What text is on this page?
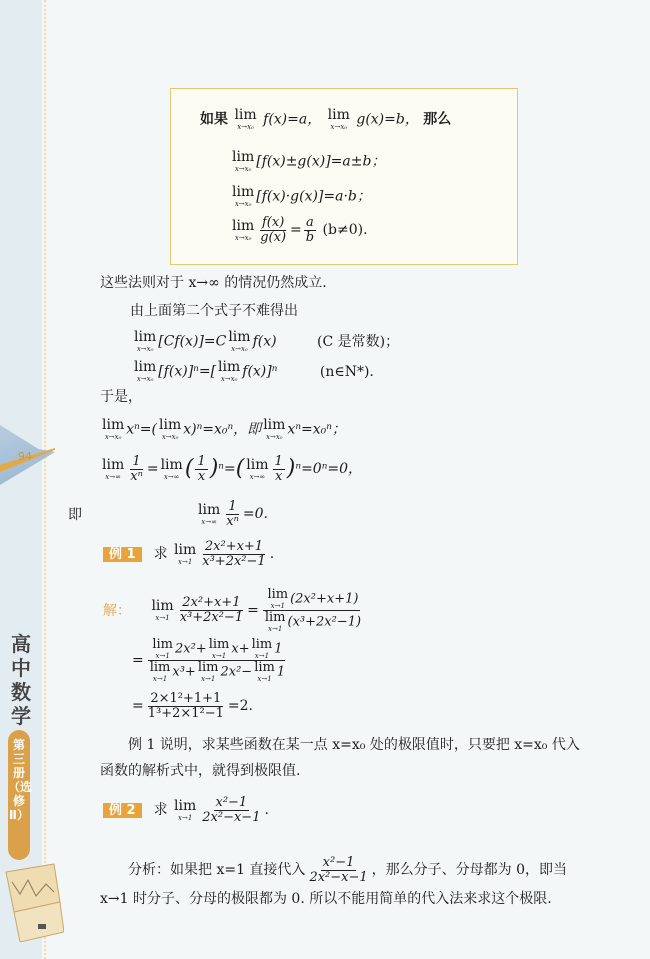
94
高中数学
第三册（选修Ⅱ）
如果 lim
x→x₀ f(x)=a， lim
x→x₀ g(x)=b， 那么
lim
x→x₀ [f(x)±g(x)]=a±b；
lim
x→x₀ [f(x)·g(x)]=a·b；
lim
$x\to x_0 \frac{f(x)}{g(x)} = \frac{a}{b} (b\ne 0)$.
这些法则对于 x→∞ 的情况仍然成立.
由上面第二个式子不难得出
lim
x→x₀ [Cf(x)]=C lim
x→x₀ f(x)	(C 是常数)；
lim
x→x₀ [f(x)]ⁿ=[ lim
x→x₀ f(x)]ⁿ	(n∈N*).
于是，
lim
x→x₀ xⁿ=( lim
x→x₀ x)ⁿ=x₀ⁿ，即 lim
x→x₀ xⁿ=x₀ⁿ；
lim
$x\to\infty \frac{1}{\text{xⁿ}} = \lim$
x→∞ ( $\frac{1}{x} )^n=$( lim
$x\to\infty \frac{1}{x} )^n=0^n=0$，
即	lim
$x\to\infty \frac{1}{\text{xⁿ}} =0$.
例 1 求 lim
$x\to 1 \frac{\text{2x²+x+1}}{\text{x³+2x²−1}}$ .
解： lim
$x\to 1 \frac{\text{2x²+x+1}}{\text{x³+2x²−1}} = \lim$
x→1 (2x²+x+1)
lim
x→1 (x³+2x²−1)
= lim
x→1 2x²+ lim
x→1 x+ lim
x→1 1
lim
x→1 x³+ lim
x→1 2x²− lim
x→1 1
= $\frac{\text{2×1²+1+1}}{\text{1³+2×1²−1}} =2$.
例 1 说明，求某些函数在某一点 x=x₀ 处的极限值时，只要把 x=x₀ 代入
函数的解析式中，就得到极限值.
例 2 求 lim
$x\to 1 \frac{\text{x²−1}}{\text{2x²−x−1}}$ .
分析：如果把 x=1 直接代入 $\frac{\text{x²−1}}{\text{2x²−x−1}}$ ，那么分子、分母都为 0，即当
x→1 时分子、分母的极限都为 0. 所以不能用简单的代入法来求这个极限.
